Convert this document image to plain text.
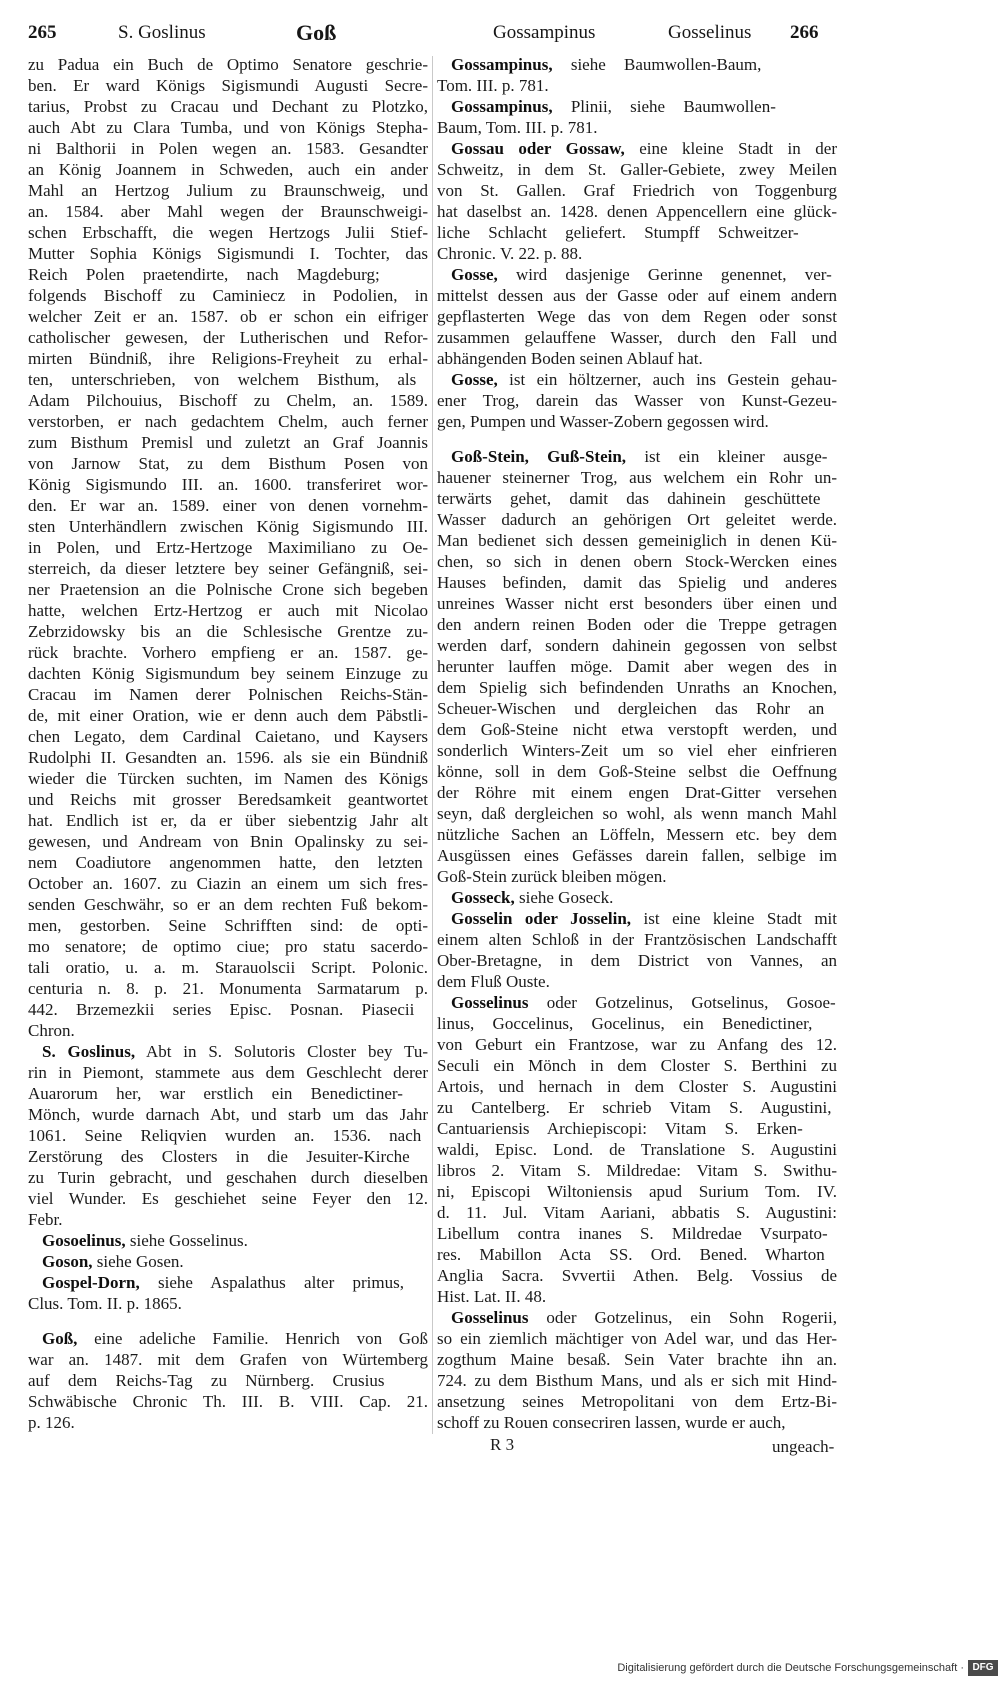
265	S. Goslinus	Goß	Gossampinus	Gosselinus 266
zu Padua ein Buch de Optimo Senatore geschrie-
ben. Er ward Königs Sigismundi Augusti Secre-
tarius, Probst zu Cracau und Dechant zu Plotzko,
auch Abt zu Clara Tumba, und von Königs Stepha-
ni Balthorii in Polen wegen an. 1583. Gesandter
an König Joannem in Schweden, auch ein ander
Mahl an Hertzog Julium zu Braunschweig, und
an. 1584. aber Mahl wegen der Braunschweigi-
schen Erbschafft, die wegen Hertzogs Julii Stief-
Mutter Sophia Königs Sigismundi I. Tochter, das
Reich Polen praetendirte, nach Magdeburg;
folgends Bischoff zu Caminiecz in Podolien, in
welcher Zeit er an. 1587. ob er schon ein eifriger
catholischer gewesen, der Lutherischen und Refor-
mirten Bündniß, ihre Religions-Freyheit zu erhal-
ten, unterschrieben, von welchem Bisthum, als
Adam Pilchouius, Bischoff zu Chelm, an. 1589.
verstorben, er nach gedachtem Chelm, auch ferner
zum Bisthum Premisl und zuletzt an Graf Joannis
von Jarnow Stat, zu dem Bisthum Posen von
König Sigismundo III. an. 1600. transferiret wor-
den. Er war an. 1589. einer von denen vornehm-
sten Unterhändlern zwischen König Sigismundo III.
in Polen, und Ertz-Hertzoge Maximiliano zu Oe-
sterreich, da dieser letztere bey seiner Gefängniß, sei-
ner Praetension an die Polnische Crone sich begeben
hatte, welchen Ertz-Hertzog er auch mit Nicolao
Zebrzidowsky bis an die Schlesische Grentze zu-
rück brachte. Vorhero empfieng er an. 1587. ge-
dachten König Sigismundum bey seinem Einzuge zu
Cracau im Namen derer Polnischen Reichs-Stän-
de, mit einer Oration, wie er denn auch dem Päbstli-
chen Legato, dem Cardinal Caietano, und Kaysers
Rudolphi II. Gesandten an. 1596. als sie ein Bündniß
wieder die Türcken suchten, im Namen des Königs
und Reichs mit grosser Beredsamkeit geantwortet
hat. Endlich ist er, da er über siebentzig Jahr alt
gewesen, und Andream von Bnin Opalinsky zu sei-
nem Coadiutore angenommen hatte, den letzten
October an. 1607. zu Ciazin an einem um sich fres-
senden Geschwähr, so er an dem rechten Fuß bekom-
men, gestorben. Seine Schrifften sind: de opti-
mo senatore; de optimo ciue; pro statu sacerdo-
tali oratio, u. a. m. Starauolscii Script. Polonic.
centuria n. 8. p. 21. Monumenta Sarmatarum p.
442. Brzemezkii series Episc. Posnan. Piasecii
Chron.
S. Goslinus, Abt in S. Solutoris Closter bey Tu-
rin in Piemont, stammete aus dem Geschlecht derer
Auarorum her, war erstlich ein Benedictiner-
Mönch, wurde darnach Abt, und starb um das Jahr
1061. Seine Reliqvien wurden an. 1536. nach
Zerstörung des Closters in die Jesuiter-Kirche
zu Turin gebracht, und geschahen durch dieselben
viel Wunder. Es geschiehet seine Feyer den 12.
Febr.
Gosoelinus, siehe Gosselinus.
Goson, siehe Gosen.
Gospel-Dorn, siehe Aspalathus alter primus,
Clus. Tom. II. p. 1865.
Goß, eine adeliche Familie. Henrich von Goß
war an. 1487. mit dem Grafen von Würtemberg
auf dem Reichs-Tag zu Nürnberg. Crusius
Schwäbische Chronic Th. III. B. VIII. Cap. 21.
p. 126.
Gossampinus, siehe Baumwollen-Baum,
Tom. III. p. 781.
Gossampinus, Plinii, siehe Baumwollen-
Baum, Tom. III. p. 781.
Gossau oder Gossaw, eine kleine Stadt in der
Schweitz, in dem St. Galler-Gebiete, zwey Meilen
von St. Gallen. Graf Friedrich von Toggenburg
hat daselbst an. 1428. denen Appencellern eine glück-
liche Schlacht geliefert. Stumpff Schweitzer-
Chronic. V. 22. p. 88.
Gosse, wird dasjenige Gerinne genennet, ver-
mittelst dessen aus der Gasse oder auf einem andern
gepflasterten Wege das von dem Regen oder sonst
zusammen gelauffene Wasser, durch den Fall und
abhängenden Boden seinen Ablauf hat.
Gosse, ist ein höltzerner, auch ins Gestein gehau-
ener Trog, darein das Wasser von Kunst-Gezeu-
gen, Pumpen und Wasser-Zobern gegossen wird.
Goß-Stein, Guß-Stein, ist ein kleiner ausge-
hauener steinerner Trog, aus welchem ein Rohr un-
terwärts gehet, damit das dahinein geschüttete
Wasser dadurch an gehörigen Ort geleitet werde.
Man bedienet sich dessen gemeiniglich in denen Kü-
chen, so sich in denen obern Stock-Wercken eines
Hauses befinden, damit das Spielig und anderes
unreines Wasser nicht erst besonders über einen und
den andern reinen Boden oder die Treppe getragen
werden darf, sondern dahinein gegossen von selbst
herunter lauffen möge. Damit aber wegen des in
dem Spielig sich befindenden Unraths an Knochen,
Scheuer-Wischen und dergleichen das Rohr an
dem Goß-Steine nicht etwa verstopft werden, und
sonderlich Winters-Zeit um so viel eher einfrieren
könne, soll in dem Goß-Steine selbst die Oeffnung
der Röhre mit einem engen Drat-Gitter versehen
seyn, daß dergleichen so wohl, als wenn manch Mahl
nützliche Sachen an Löffeln, Messern etc. bey dem
Ausgüssen eines Gefässes darein fallen, selbige im
Goß-Stein zurück bleiben mögen.
Gosseck, siehe Goseck.
Gosselin oder Josselin, ist eine kleine Stadt mit
einem alten Schloß in der Frantzösischen Landschafft
Ober-Bretagne, in dem District von Vannes, an
dem Fluß Ouste.
Gosselinus oder Gotzelinus, Gotselinus, Gosoe-
linus, Goccelinus, Gocelinus, ein Benedictiner,
von Geburt ein Frantzose, war zu Anfang des 12.
Seculi ein Mönch in dem Closter S. Berthini zu
Artois, und hernach in dem Closter S. Augustini
zu Cantelberg. Er schrieb Vitam S. Augustini,
Cantuariensis Archiepiscopi: Vitam S. Erken-
waldi, Episc. Lond. de Translatione S. Augustini
libros 2. Vitam S. Mildredae: Vitam S. Swithu-
ni, Episcopi Wiltoniensis apud Surium Tom. IV.
d. 11. Jul. Vitam Aariani, abbatis S. Augustini:
Libellum contra inanes S. Mildredae Vsurpato-
res. Mabillon Acta SS. Ord. Bened. Wharton
Anglia Sacra. Svvertii Athen. Belg. Vossius de
Hist. Lat. II. 48.
Gosselinus oder Gotzelinus, ein Sohn Rogerii,
so ein ziemlich mächtiger von Adel war, und das Her-
zogthum Maine besaß. Sein Vater brachte ihn an.
724. zu dem Bisthum Mans, und als er sich mit Hind-
ansetzung seines Metropolitani von dem Ertz-Bi-
schoff zu Rouen consecriren lassen, wurde er auch,
R 3	ungeach-
Digitalisierung gefördert durch die Deutsche Forschungsgemeinschaft · DFG
